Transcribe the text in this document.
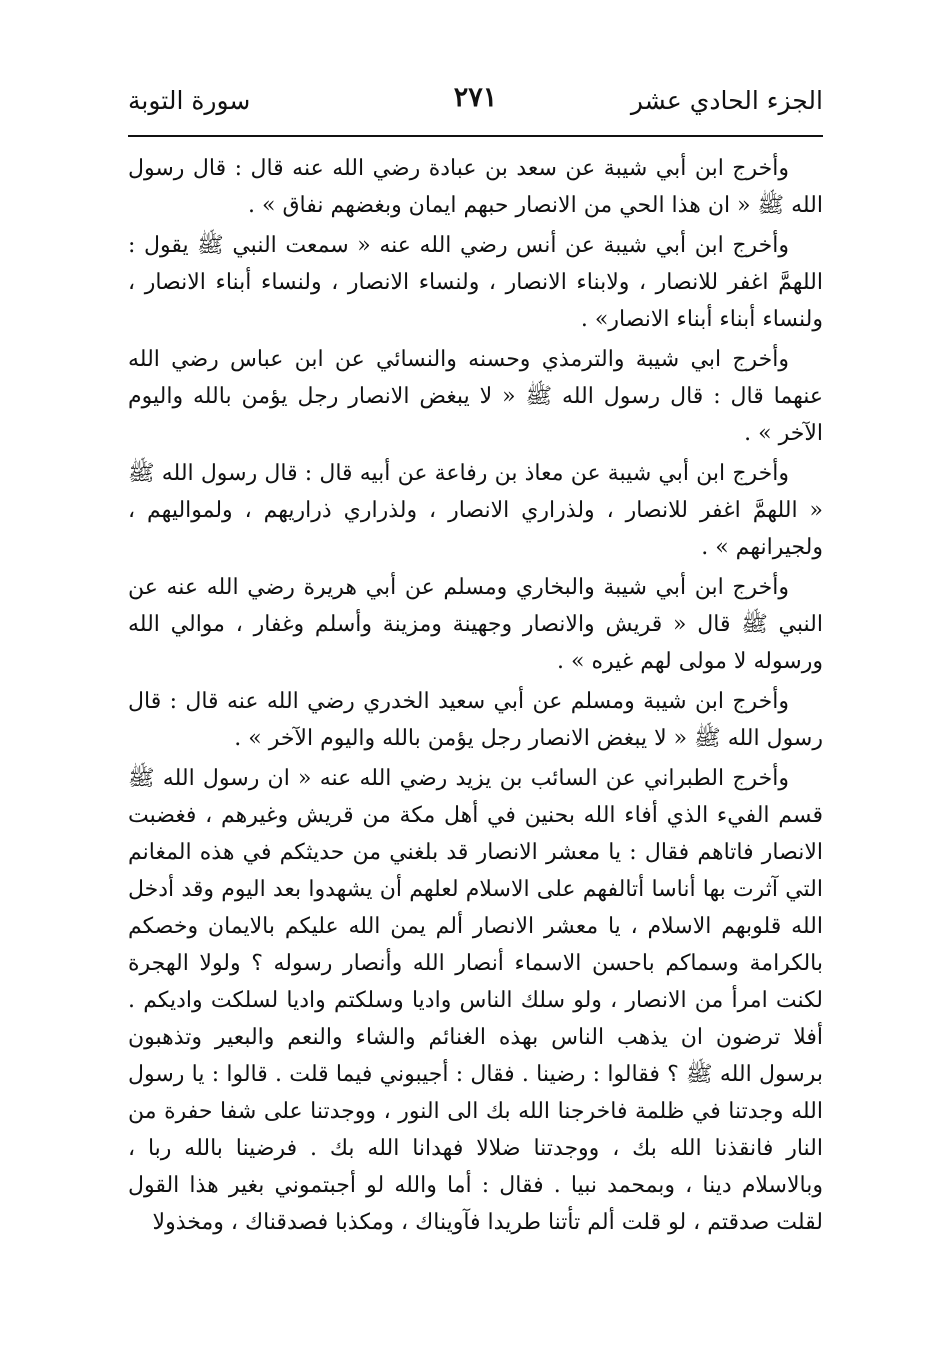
الجزء الحادي عشر
٢٧١
سورة التوبة

وأخرج ابن أبي شيبة عن سعد بن عبادة رضي الله عنه قال : قال رسول الله ﷺ « ان هذا الحي من الانصار حبهم ايمان وبغضهم نفاق » .

وأخرج ابن أبي شيبة عن أنس رضي الله عنه « سمعت النبي ﷺ يقول : اللهمَّ اغفر للانصار ، ولابناء الانصار ، ولنساء الانصار ، ولنساء أبناء الانصار ، ولنساء أبناء أبناء الانصار» .

وأخرج ابي شيبة والترمذي وحسنه والنسائي عن ابن عباس رضي الله عنهما قال : قال رسول الله ﷺ « لا يبغض الانصار رجل يؤمن بالله واليوم الآخر » .

وأخرج ابن أبي شيبة عن معاذ بن رفاعة عن أبيه قال : قال رسول الله ﷺ « اللهمَّ اغفر للانصار ، ولذراري الانصار ، ولذراري ذراريهم ، ولمواليهم ، ولجيرانهم » .

وأخرج ابن أبي شيبة والبخاري ومسلم عن أبي هريرة رضي الله عنه عن النبي ﷺ قال « قريش والانصار وجهينة ومزينة وأسلم وغفار ، موالي الله ورسوله لا مولى لهم غيره » .

وأخرج ابن شيبة ومسلم عن أبي سعيد الخدري رضي الله عنه قال : قال رسول الله ﷺ « لا يبغض الانصار رجل يؤمن بالله واليوم الآخر » .

وأخرج الطبراني عن السائب بن يزيد رضي الله عنه « ان رسول الله ﷺ قسم الفيء الذي أفاء الله بحنين في أهل مكة من قريش وغيرهم ، فغضبت الانصار فاتاهم فقال : يا معشر الانصار قد بلغني من حديثكم في هذه المغانم التي آثرت بها أناسا أتالفهم على الاسلام لعلهم أن يشهدوا بعد اليوم وقد أدخل الله قلوبهم الاسلام ، يا معشر الانصار ألم يمن الله عليكم بالايمان وخصكم بالكرامة وسماكم باحسن الاسماء أنصار الله وأنصار رسوله ؟ ولولا الهجرة لكنت امرأ من الانصار ، ولو سلك الناس واديا وسلكتم واديا لسلكت واديكم . أفلا ترضون ان يذهب الناس بهذه الغنائم والشاء والنعم والبعير وتذهبون برسول الله ﷺ ؟ فقالوا : رضينا . فقال : أجيبوني فيما قلت . قالوا : يا رسول الله وجدتنا في ظلمة فاخرجنا الله بك الى النور ، ووجدتنا على شفا حفرة من النار فانقذنا الله بك ، ووجدتنا ضلالا فهدانا الله بك . فرضينا بالله ربا ، وبالاسلام دينا ، وبمحمد نبيا . فقال : أما والله لو أجبتموني بغير هذا القول لقلت صدقتم ، لو قلت ألم تأتنا طريدا فآويناك ، ومكذبا فصدقناك ، ومخذولا
